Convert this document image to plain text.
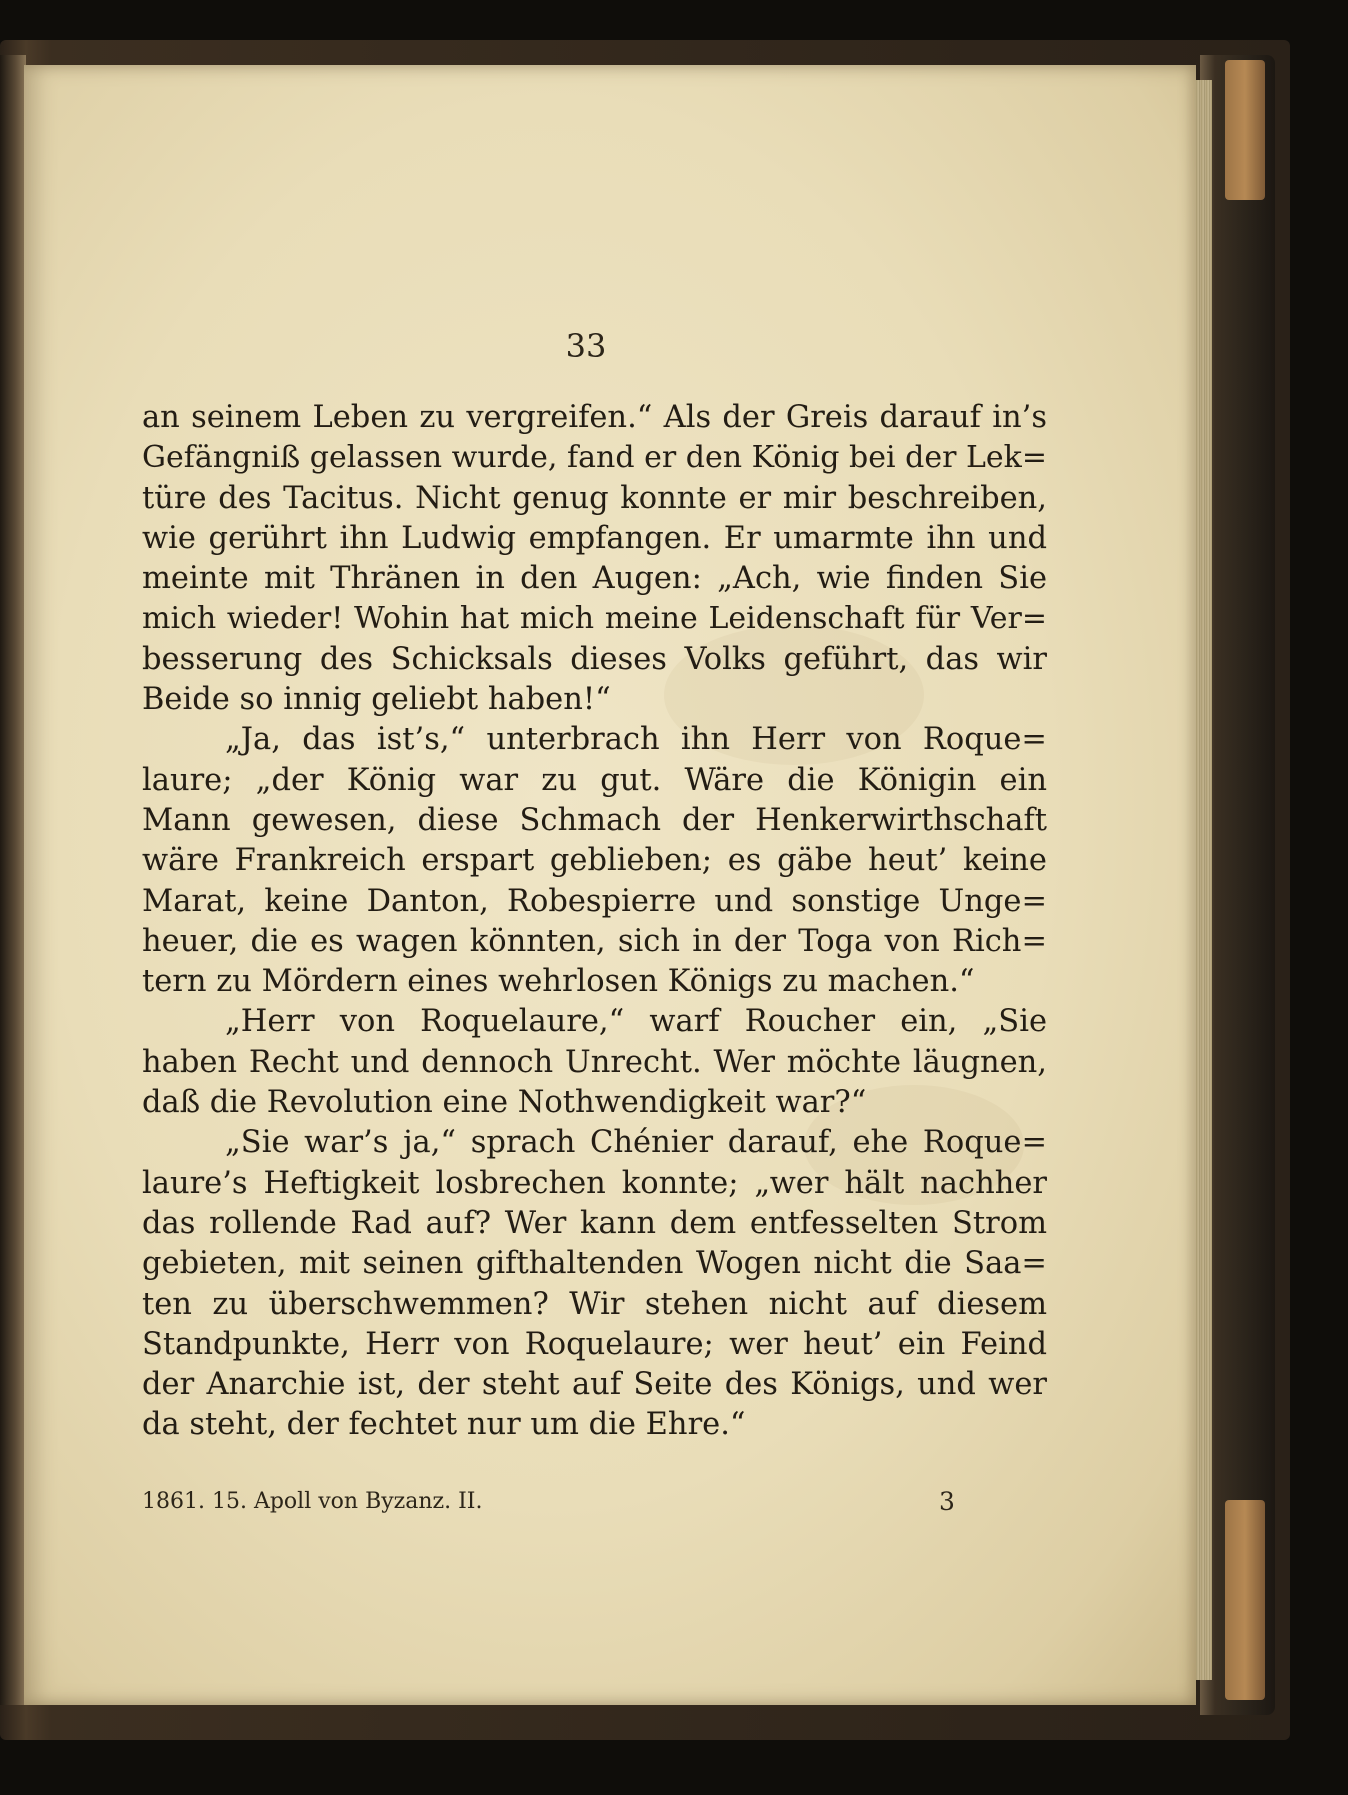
33
an seinem Leben zu vergreifen.“ Als der Greis darauf in’s
Gefängniß gelassen wurde, fand er den König bei der Lek=
türe des Tacitus. Nicht genug konnte er mir beschreiben,
wie gerührt ihn Ludwig empfangen. Er umarmte ihn und
meinte mit Thränen in den Augen: „Ach, wie finden Sie
mich wieder! Wohin hat mich meine Leidenschaft für Ver=
besserung des Schicksals dieses Volks geführt, das wir
Beide so innig geliebt haben!“
„Ja, das ist’s,“ unterbrach ihn Herr von Roque=
laure; „der König war zu gut. Wäre die Königin ein
Mann gewesen, diese Schmach der Henkerwirthschaft
wäre Frankreich erspart geblieben; es gäbe heut’ keine
Marat, keine Danton, Robespierre und sonstige Unge=
heuer, die es wagen könnten, sich in der Toga von Rich=
tern zu Mördern eines wehrlosen Königs zu machen.“
„Herr von Roquelaure,“ warf Roucher ein, „Sie
haben Recht und dennoch Unrecht. Wer möchte läugnen,
daß die Revolution eine Nothwendigkeit war?“
„Sie war’s ja,“ sprach Chénier darauf, ehe Roque=
laure’s Heftigkeit losbrechen konnte; „wer hält nachher
das rollende Rad auf? Wer kann dem entfesselten Strom
gebieten, mit seinen gifthaltenden Wogen nicht die Saa=
ten zu überschwemmen? Wir stehen nicht auf diesem
Standpunkte, Herr von Roquelaure; wer heut’ ein Feind
der Anarchie ist, der steht auf Seite des Königs, und wer
da steht, der fechtet nur um die Ehre.“
1861. 15. Apoll von Byzanz. II.	3
